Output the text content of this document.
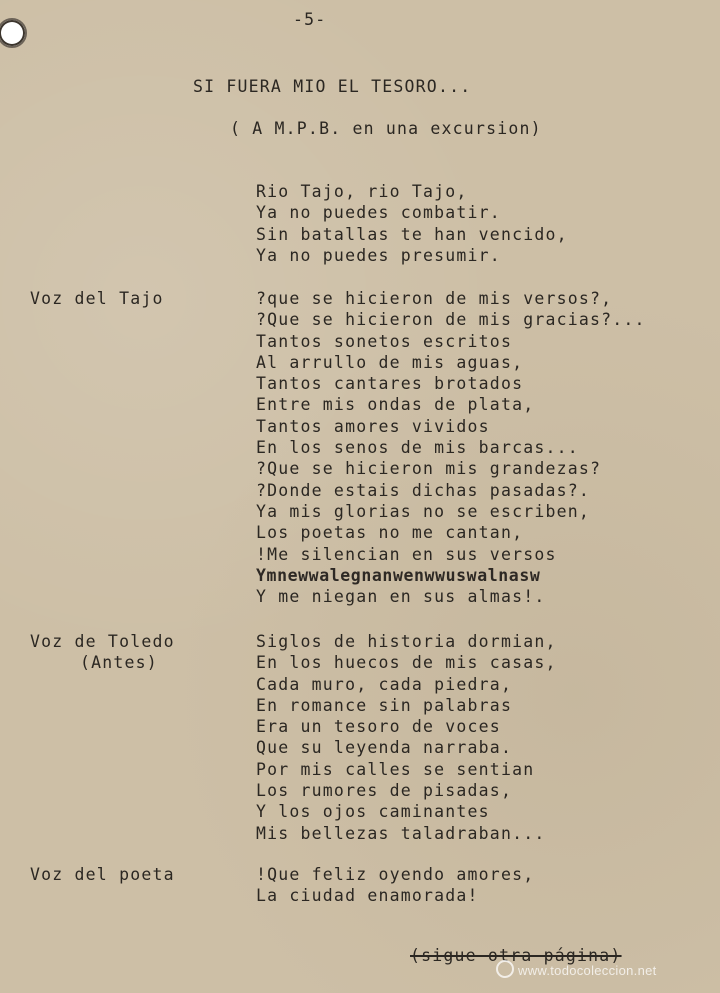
-5-
SI FUERA MIO EL TESORO...
( A M.P.B. en una excursion)
Rio Tajo, rio Tajo,
Ya no puedes combatir.
Sin batallas te han vencido,
Ya no puedes presumir.
Voz del Tajo	?que se hicieron de mis versos?,
?Que se hicieron de mis gracias?...
Tantos sonetos escritos
Al arrullo de mis aguas,
Tantos cantares brotados
Entre mis ondas de plata,
Tantos amores vividos
En los senos de mis barcas...
?Que se hicieron mis grandezas?
?Donde estais dichas pasadas?.
Ya mis glorias no se escriben,
Los poetas no me cantan,
!Me silencian en sus versos
Ymnewwalegnanwenwwuswalnasw
Y me niegan en sus almas!.
Voz de Toledo
(Antes)
Siglos de historia dormian,
En los huecos de mis casas,
Cada muro, cada piedra,
En romance sin palabras
Era un tesoro de voces
Que su leyenda narraba.
Por mis calles se sentian
Los rumores de pisadas,
Y los ojos caminantes
Mis bellezas taladraban...
Voz del poeta	!Que feliz oyendo amores,
La ciudad enamorada!
(sigue otra página)
www.todocoleccion.net
